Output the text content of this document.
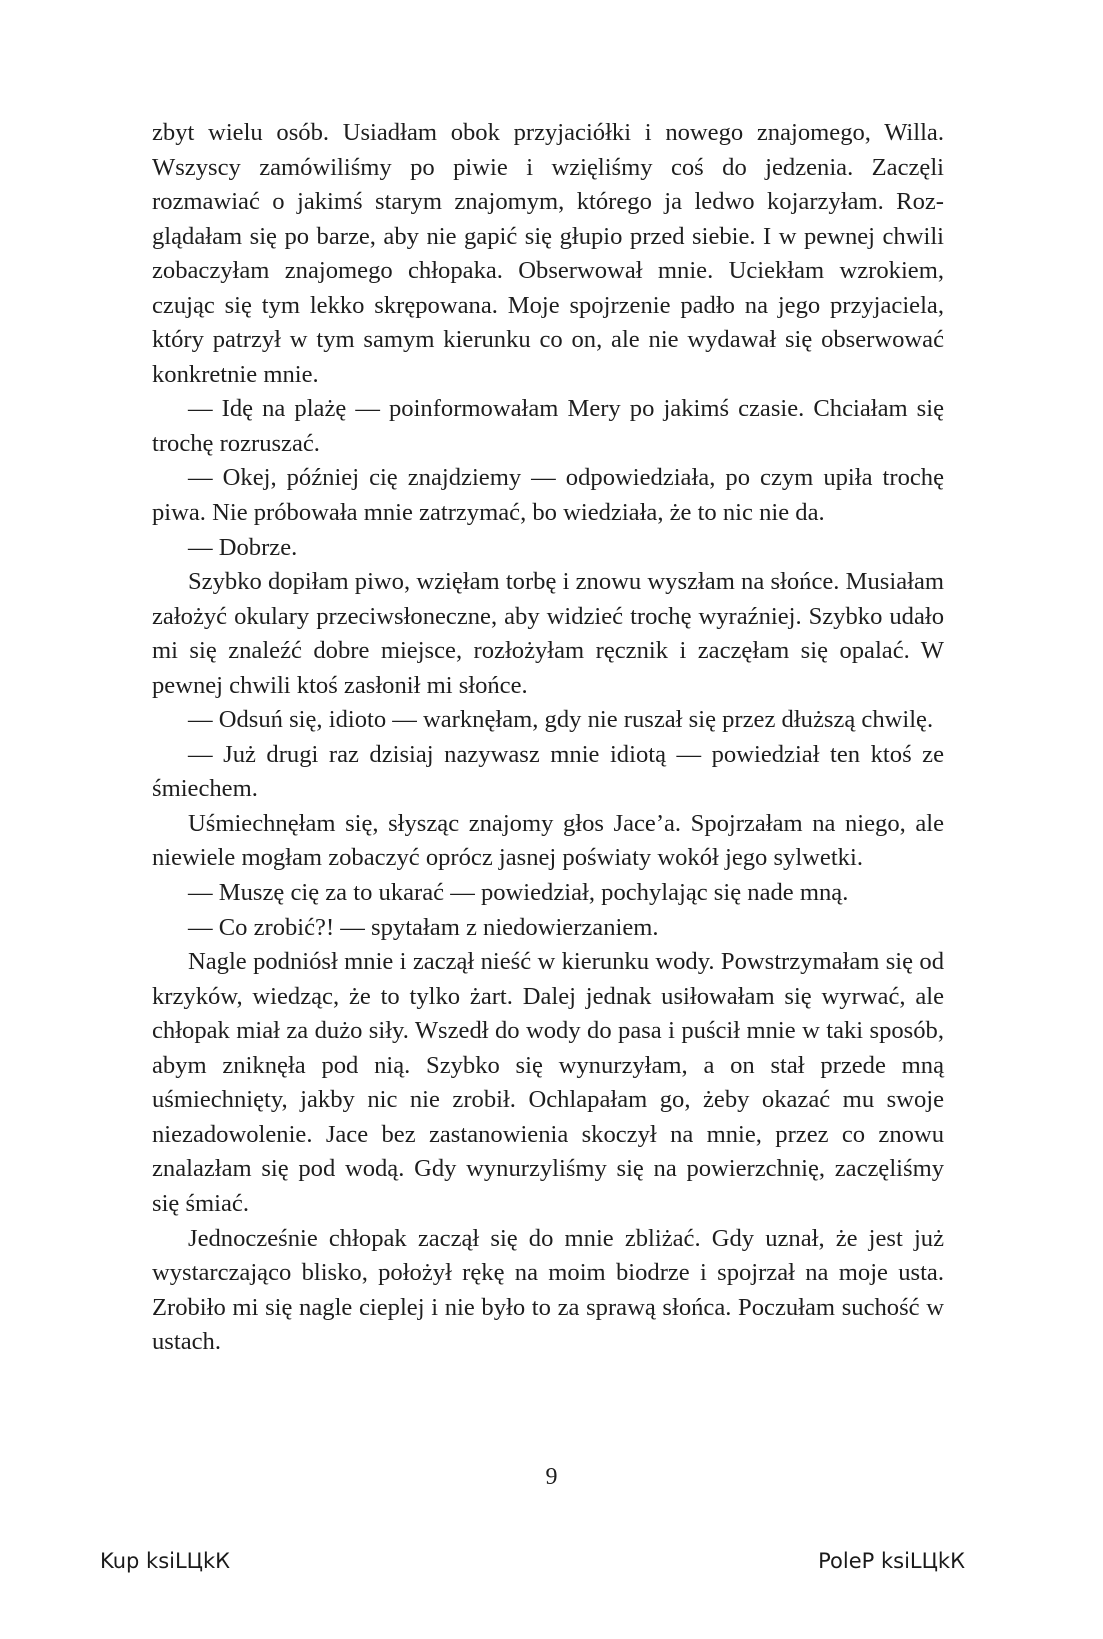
zbyt wielu osób. Usiadłam obok przyjaciółki i nowego znajomego, Willa. Wszyscy zamówiliśmy po piwie i wzięliśmy coś do jedzenia. Zaczęli rozmawiać o jakimś starym znajomym, którego ja ledwo kojarzyłam. Rozglądałam się po barze, aby nie gapić się głupio przed siebie. I w pewnej chwili zobaczyłam znajomego chłopaka. Obserwował mnie. Uciekłam wzrokiem, czując się tym lekko skrępowana. Moje spojrzenie padło na jego przyjaciela, który patrzył w tym samym kierunku co on, ale nie wydawał się obserwować konkretnie mnie.

— Idę na plażę — poinformowałam Mery po jakimś czasie. Chciałam się trochę rozruszać.

— Okej, później cię znajdziemy — odpowiedziała, po czym upiła trochę piwa. Nie próbowała mnie zatrzymać, bo wiedziała, że to nic nie da.

— Dobrze.

Szybko dopiłam piwo, wzięłam torbę i znowu wyszłam na słońce. Musiałam założyć okulary przeciwsłoneczne, aby widzieć trochę wyraźniej. Szybko udało mi się znaleźć dobre miejsce, rozłożyłam ręcznik i zaczęłam się opalać. W pewnej chwili ktoś zasłonił mi słońce.

— Odsuń się, idioto — warknęłam, gdy nie ruszał się przez dłuższą chwilę.

— Już drugi raz dzisiaj nazywasz mnie idiotą — powiedział ten ktoś ze śmiechem.

Uśmiechnęłam się, słysząc znajomy głos Jace’a. Spojrzałam na niego, ale niewiele mogłam zobaczyć oprócz jasnej poświaty wokół jego sylwetki.

— Muszę cię za to ukarać — powiedział, pochylając się nade mną.

— Co zrobić?! — spytałam z niedowierzaniem.

Nagle podniósł mnie i zaczął nieść w kierunku wody. Powstrzymałam się od krzyków, wiedząc, że to tylko żart. Dalej jednak usiłowałam się wyrwać, ale chłopak miał za dużo siły. Wszedł do wody do pasa i puścił mnie w taki sposób, abym zniknęła pod nią. Szybko się wynurzyłam, a on stał przede mną uśmiechnięty, jakby nic nie zrobił. Ochlapałam go, żeby okazać mu swoje niezadowolenie. Jace bez zastanowienia skoczył na mnie, przez co znowu znalazłam się pod wodą. Gdy wynurzyliśmy się na powierzchnię, zaczęliśmy się śmiać.

Jednocześnie chłopak zaczął się do mnie zbliżać. Gdy uznał, że jest już wystarczająco blisko, położył rękę na moim biodrze i spojrzał na moje usta. Zrobiło mi się nagle cieplej i nie było to za sprawą słońca. Poczułam suchość w ustach.

9
Kup ksiLЦkК	PoleP ksiLЦkК
